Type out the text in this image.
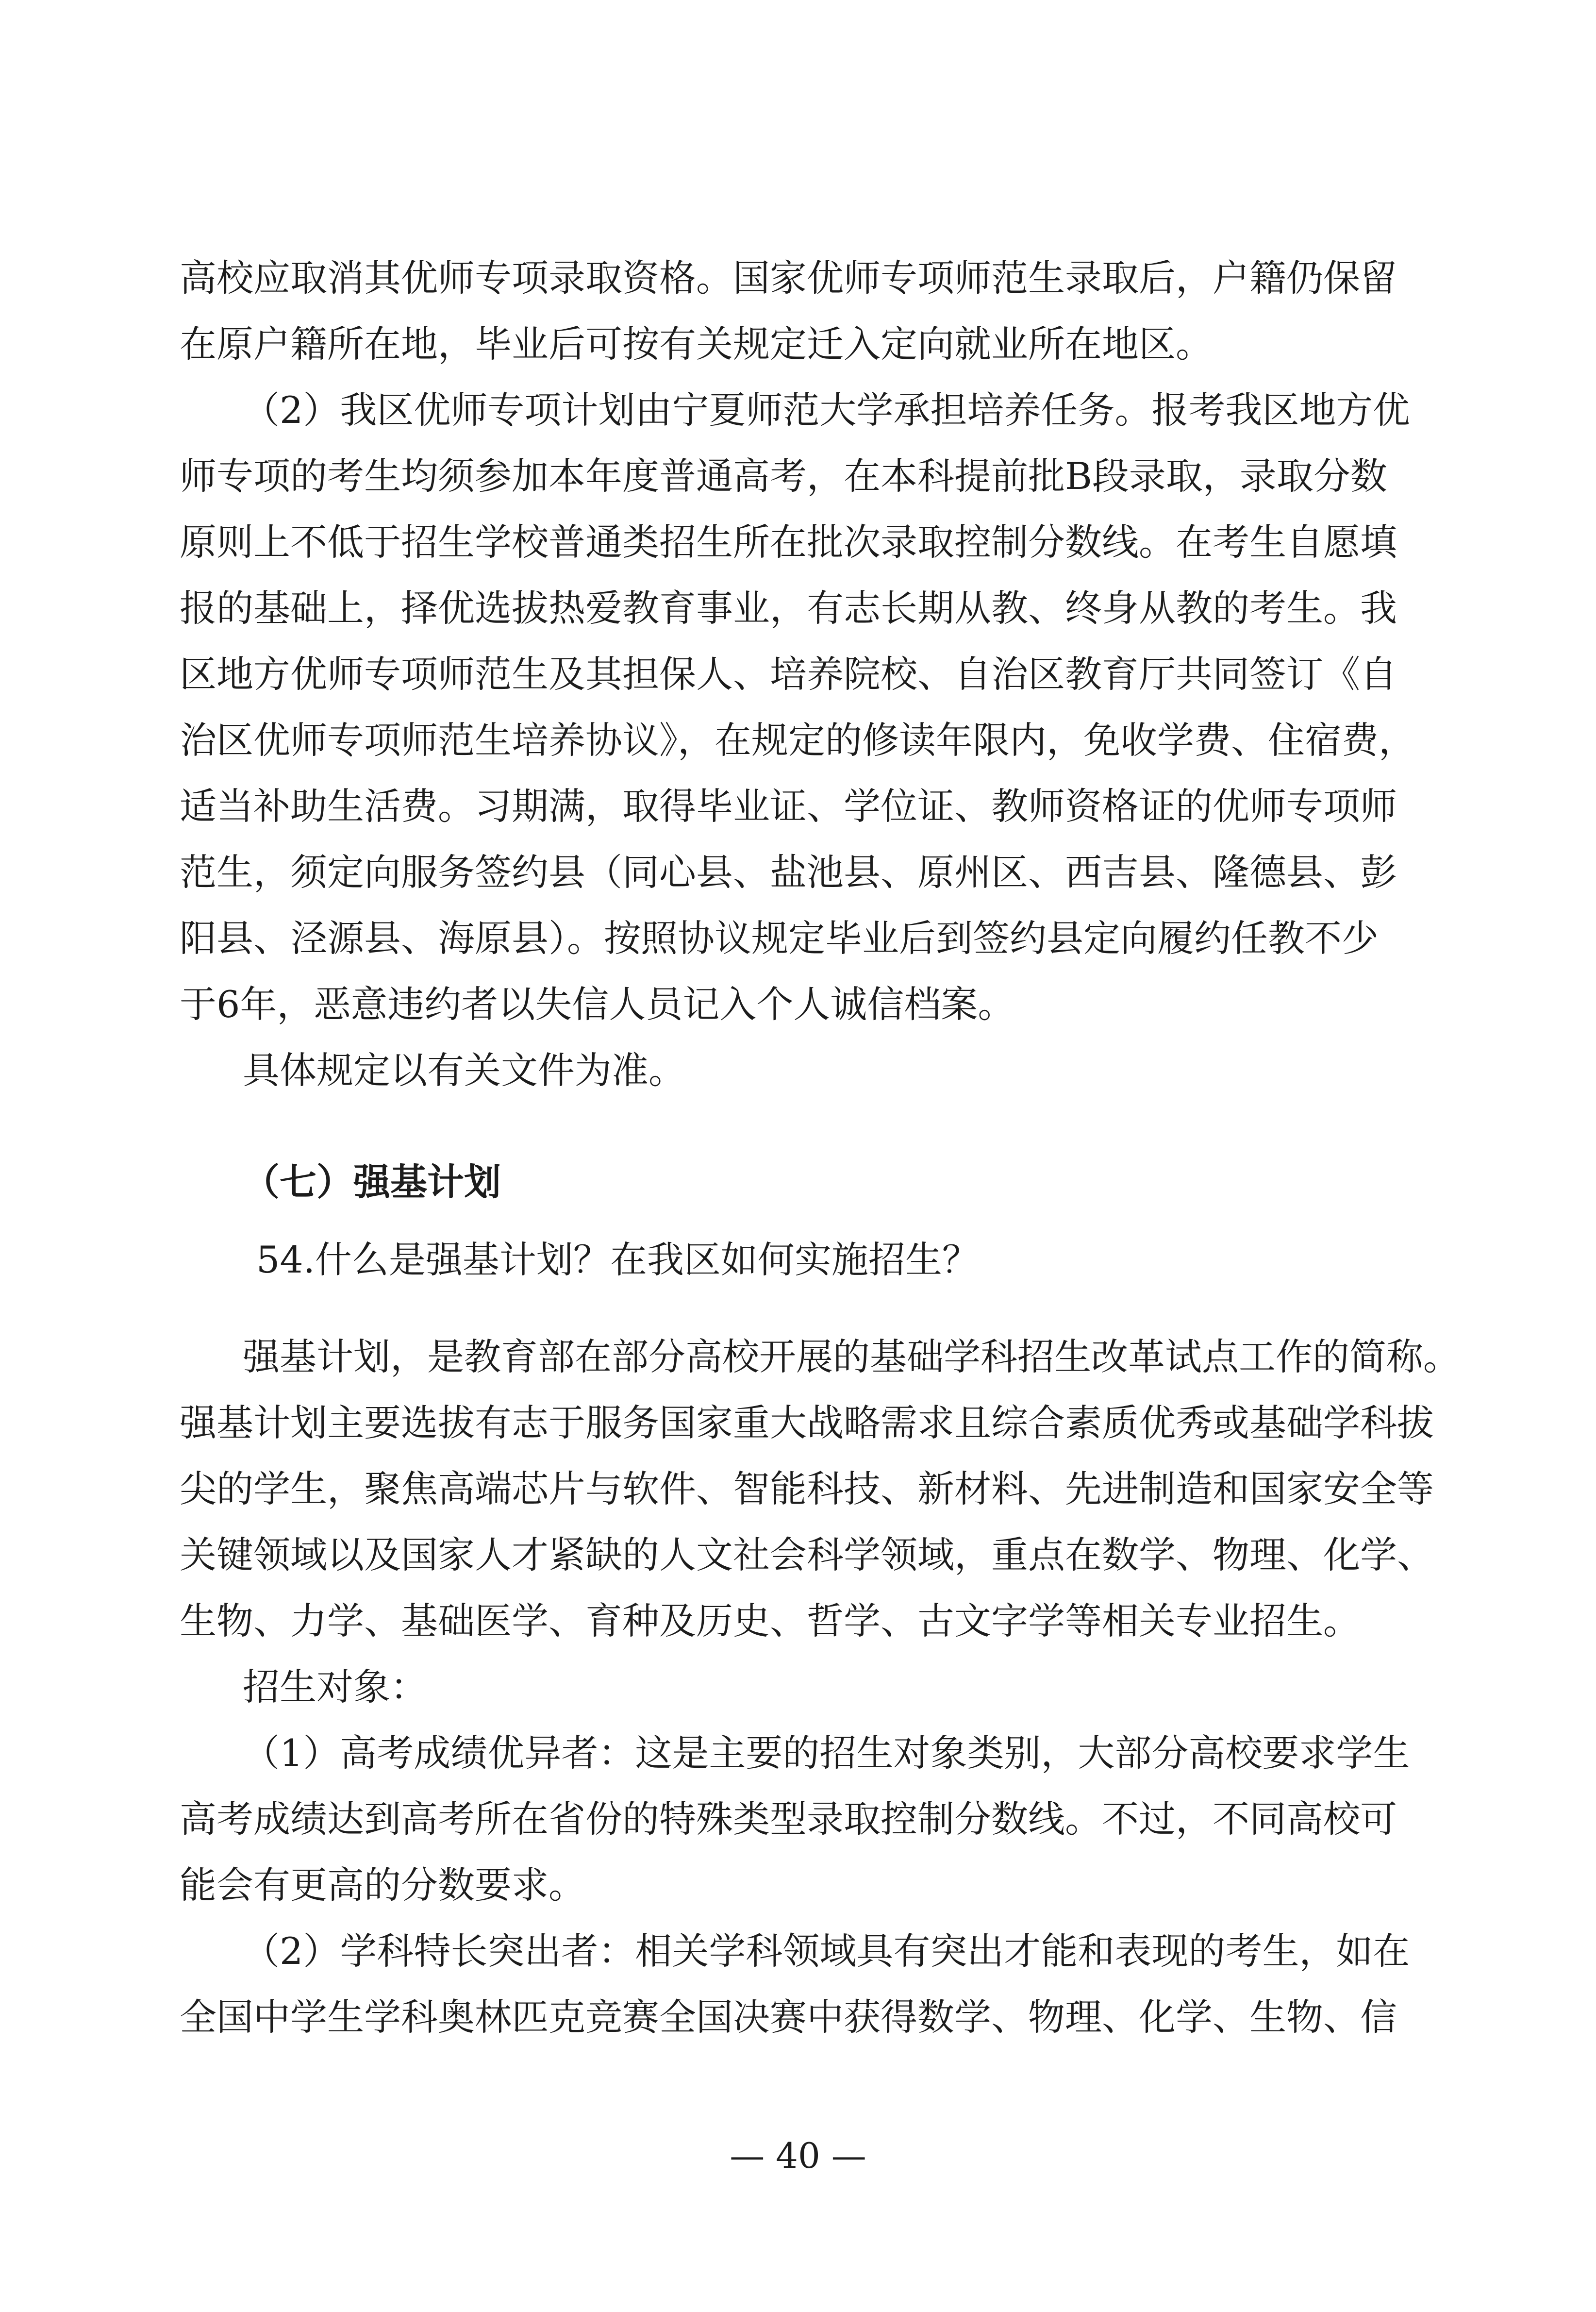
高校应取消其优师专项录取资格。国家优师专项师范生录取后，户籍仍保留
在原户籍所在地，毕业后可按有关规定迁入定向就业所在地区。
（2）我区优师专项计划由宁夏师范大学承担培养任务。报考我区地方优
师专项的考生均须参加本年度普通高考，在本科提前批B段录取，录取分数
原则上不低于招生学校普通类招生所在批次录取控制分数线。在考生自愿填
报的基础上，择优选拔热爱教育事业，有志长期从教、终身从教的考生。我
区地方优师专项师范生及其担保人、培养院校、自治区教育厅共同签订《自
治区优师专项师范生培养协议》，在规定的修读年限内，免收学费、住宿费，
适当补助生活费。习期满，取得毕业证、学位证、教师资格证的优师专项师
范生，须定向服务签约县（同心县、盐池县、原州区、西吉县、隆德县、彭
阳县、泾源县、海原县）。按照协议规定毕业后到签约县定向履约任教不少
于6年，恶意违约者以失信人员记入个人诚信档案。
具体规定以有关文件为准。
（七）强基计划
54.什么是强基计划？在我区如何实施招生？
强基计划，是教育部在部分高校开展的基础学科招生改革试点工作的简称。
强基计划主要选拔有志于服务国家重大战略需求且综合素质优秀或基础学科拔
尖的学生，聚焦高端芯片与软件、智能科技、新材料、先进制造和国家安全等
关键领域以及国家人才紧缺的人文社会科学领域，重点在数学、物理、化学、
生物、力学、基础医学、育种及历史、哲学、古文字学等相关专业招生。
招生对象：
（1）高考成绩优异者：这是主要的招生对象类别，大部分高校要求学生
高考成绩达到高考所在省份的特殊类型录取控制分数线。不过，不同高校可
能会有更高的分数要求。
（2）学科特长突出者：相关学科领域具有突出才能和表现的考生，如在
全国中学生学科奥林匹克竞赛全国决赛中获得数学、物理、化学、生物、信
— 40 —
